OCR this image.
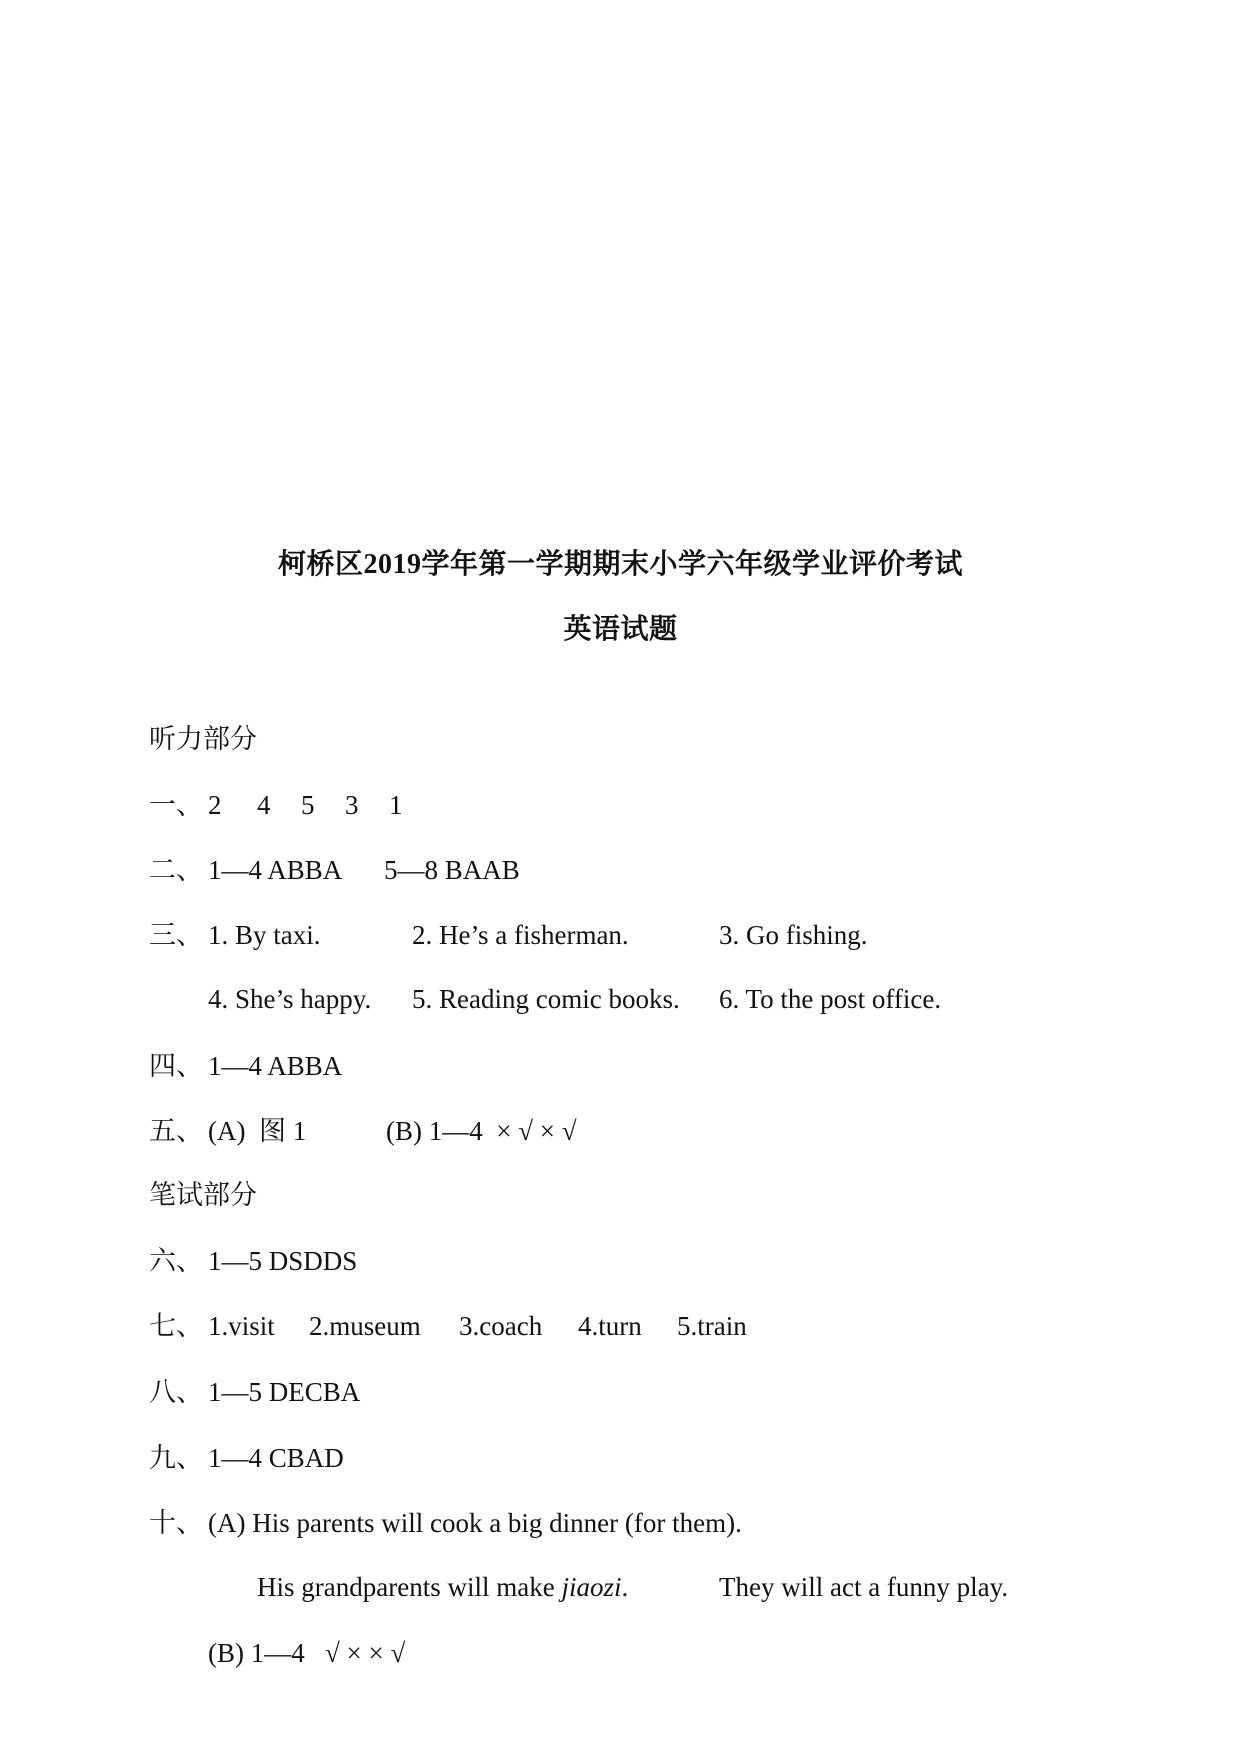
柯桥区2019学年第一学期期末小学六年级学业评价考试
英语试题
听力部分
一、 2 4 5 3 1
二、 1—4 ABBA 5—8 BAAB
三、 1. By taxi.	2. He’s a fisherman.	3. Go fishing.
4. She’s happy. 5. Reading comic books. 6. To the post office.
四、 1—4 ABBA
五、 (A)  图 1	(B) 1—4  × √ × √
笔试部分
六、 1—5 DSDDS
七、 1.visit 2.museum 3.coach 4.turn 5.train
八、 1—5 DECBA
九、 1—4 CBAD
十、 (A) His parents will cook a big dinner (for them).
His grandparents will make jiaozi.	They will act a funny play.
(B) 1—4   √ × × √
